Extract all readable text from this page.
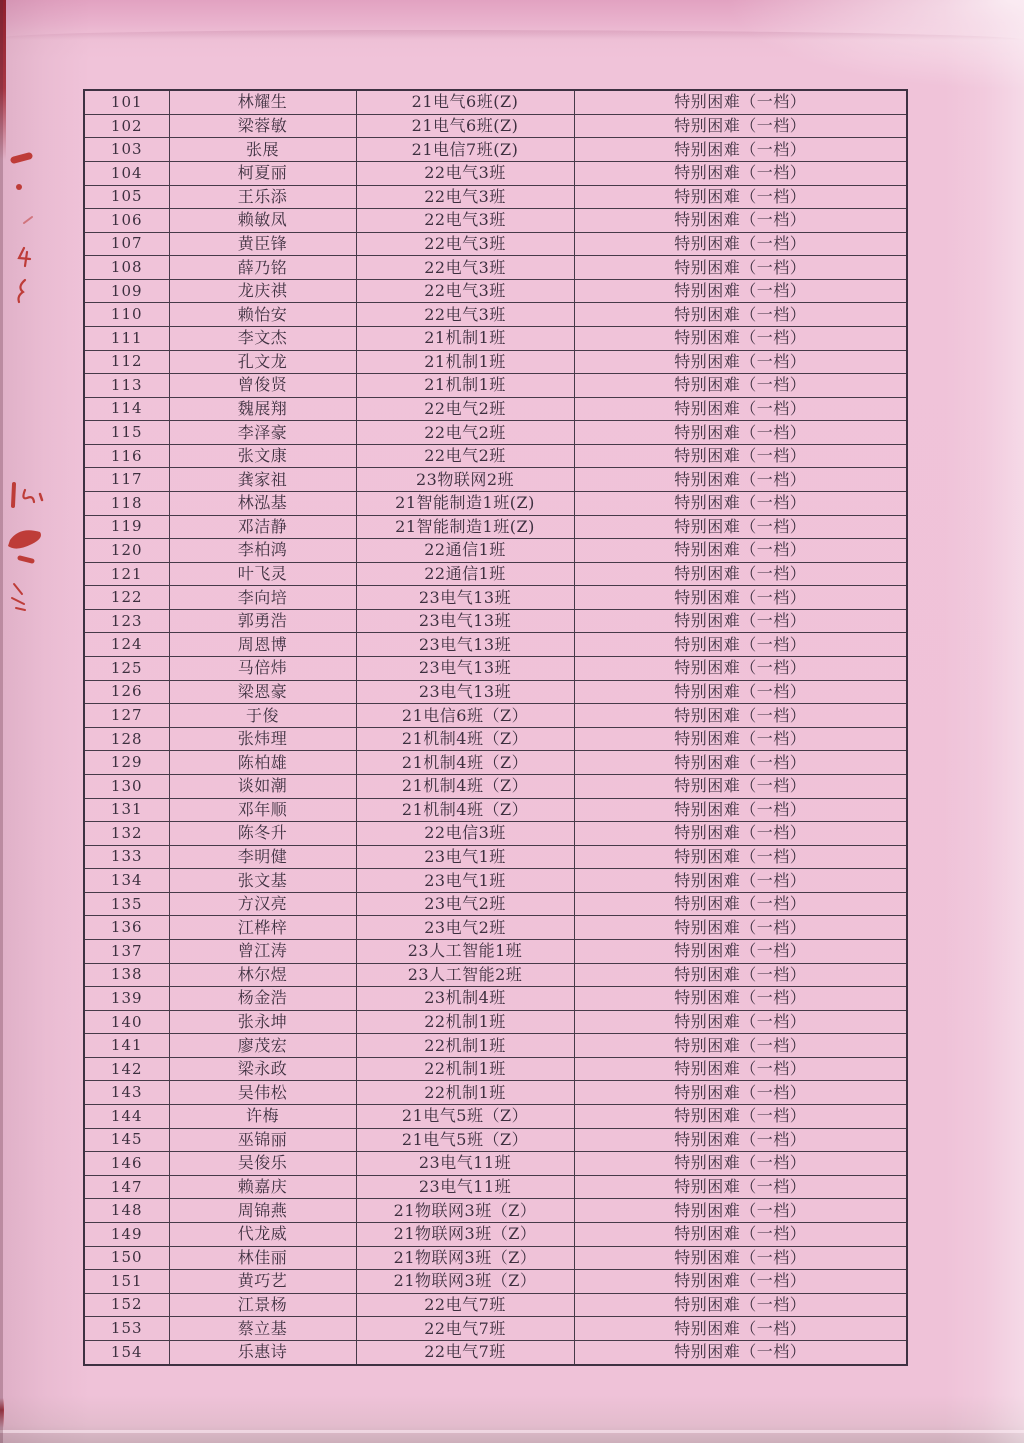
101	林耀生	21电气6班(Z)	特别困难（一档）
102	梁蓉敏	21电气6班(Z)	特别困难（一档）
103	张展	21电信7班(Z)	特别困难（一档）
104	柯夏丽	22电气3班	特别困难（一档）
105	王乐添	22电气3班	特别困难（一档）
106	赖敏凤	22电气3班	特别困难（一档）
107	黄臣锋	22电气3班	特别困难（一档）
108	薛乃铭	22电气3班	特别困难（一档）
109	龙庆祺	22电气3班	特别困难（一档）
110	赖怡安	22电气3班	特别困难（一档）
111	李文杰	21机制1班	特别困难（一档）
112	孔文龙	21机制1班	特别困难（一档）
113	曾俊贤	21机制1班	特别困难（一档）
114	魏展翔	22电气2班	特别困难（一档）
115	李泽豪	22电气2班	特别困难（一档）
116	张文康	22电气2班	特别困难（一档）
117	龚家祖	23物联网2班	特别困难（一档）
118	林泓基	21智能制造1班(Z)	特别困难（一档）
119	邓洁静	21智能制造1班(Z)	特别困难（一档）
120	李柏鸿	22通信1班	特别困难（一档）
121	叶飞灵	22通信1班	特别困难（一档）
122	李向培	23电气13班	特别困难（一档）
123	郭勇浩	23电气13班	特别困难（一档）
124	周恩博	23电气13班	特别困难（一档）
125	马倍炜	23电气13班	特别困难（一档）
126	梁恩豪	23电气13班	特别困难（一档）
127	于俊	21电信6班（Z）	特别困难（一档）
128	张炜理	21机制4班（Z）	特别困难（一档）
129	陈柏雄	21机制4班（Z）	特别困难（一档）
130	谈如潮	21机制4班（Z）	特别困难（一档）
131	邓年顺	21机制4班（Z）	特别困难（一档）
132	陈冬升	22电信3班	特别困难（一档）
133	李明健	23电气1班	特别困难（一档）
134	张文基	23电气1班	特别困难（一档）
135	方汉亮	23电气2班	特别困难（一档）
136	江桦梓	23电气2班	特别困难（一档）
137	曾江涛	23人工智能1班	特别困难（一档）
138	林尔煜	23人工智能2班	特别困难（一档）
139	杨金浩	23机制4班	特别困难（一档）
140	张永坤	22机制1班	特别困难（一档）
141	廖茂宏	22机制1班	特别困难（一档）
142	梁永政	22机制1班	特别困难（一档）
143	吴伟松	22机制1班	特别困难（一档）
144	许梅	21电气5班（Z）	特别困难（一档）
145	巫锦丽	21电气5班（Z）	特别困难（一档）
146	吴俊乐	23电气11班	特别困难（一档）
147	赖嘉庆	23电气11班	特别困难（一档）
148	周锦燕	21物联网3班（Z）	特别困难（一档）
149	代龙威	21物联网3班（Z）	特别困难（一档）
150	林佳丽	21物联网3班（Z）	特别困难（一档）
151	黄巧艺	21物联网3班（Z）	特别困难（一档）
152	江景杨	22电气7班	特别困难（一档）
153	蔡立基	22电气7班	特别困难（一档）
154	乐惠诗	22电气7班	特别困难（一档）
